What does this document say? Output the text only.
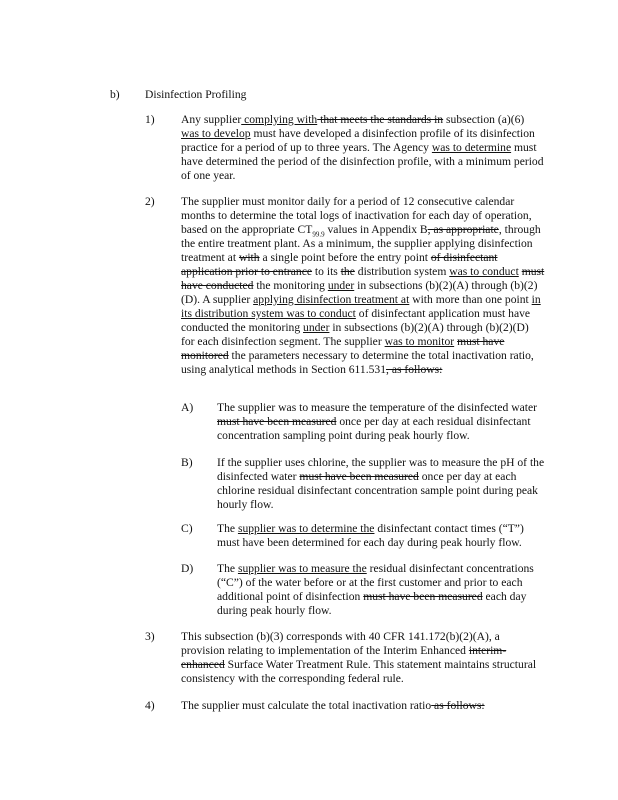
b) Disinfection Profiling
1) Any supplier complying with that meets the standards in subsection (a)(6) was to develop must have developed a disinfection profile of its disinfection practice for a period of up to three years. The Agency was to determine must have determined the period of the disinfection profile, with a minimum period of one year.
2) The supplier must monitor daily for a period of 12 consecutive calendar months to determine the total logs of inactivation for each day of operation, based on the appropriate $CT_{99.9}$ values in Appendix B, as appropriate, through the entire treatment plant. As a minimum, the supplier applying disinfection treatment at with a single point before the entry point of disinfectant application prior to entrance to its the distribution system was to conduct must have conducted the monitoring under in subsections (b)(2)(A) through (b)(2)(D). A supplier applying disinfection treatment at with more than one point in its distribution system was to conduct of disinfectant application must have conducted the monitoring under in subsections (b)(2)(A) through (b)(2)(D) for each disinfection segment. The supplier was to monitor must have monitored the parameters necessary to determine the total inactivation ratio, using analytical methods in Section 611.531, as follows:
A) The supplier was to measure the temperature of the disinfected water must have been measured once per day at each residual disinfectant concentration sampling point during peak hourly flow.
B) If the supplier uses chlorine, the supplier was to measure the pH of the disinfected water must have been measured once per day at each chlorine residual disinfectant concentration sample point during peak hourly flow.
C) The supplier was to determine the disinfectant contact times (“T”) must have been determined for each day during peak hourly flow.
D) The supplier was to measure the residual disinfectant concentrations (“C”) of the water before or at the first customer and prior to each additional point of disinfection must have been measured each day during peak hourly flow.
3) This subsection (b)(3) corresponds with 40 CFR 141.172(b)(2)(A), a provision relating to implementation of the Interim Enhanced interim-enhanced Surface Water Treatment Rule. This statement maintains structural consistency with the corresponding federal rule.
4) The supplier must calculate the total inactivation ratio as follows:
